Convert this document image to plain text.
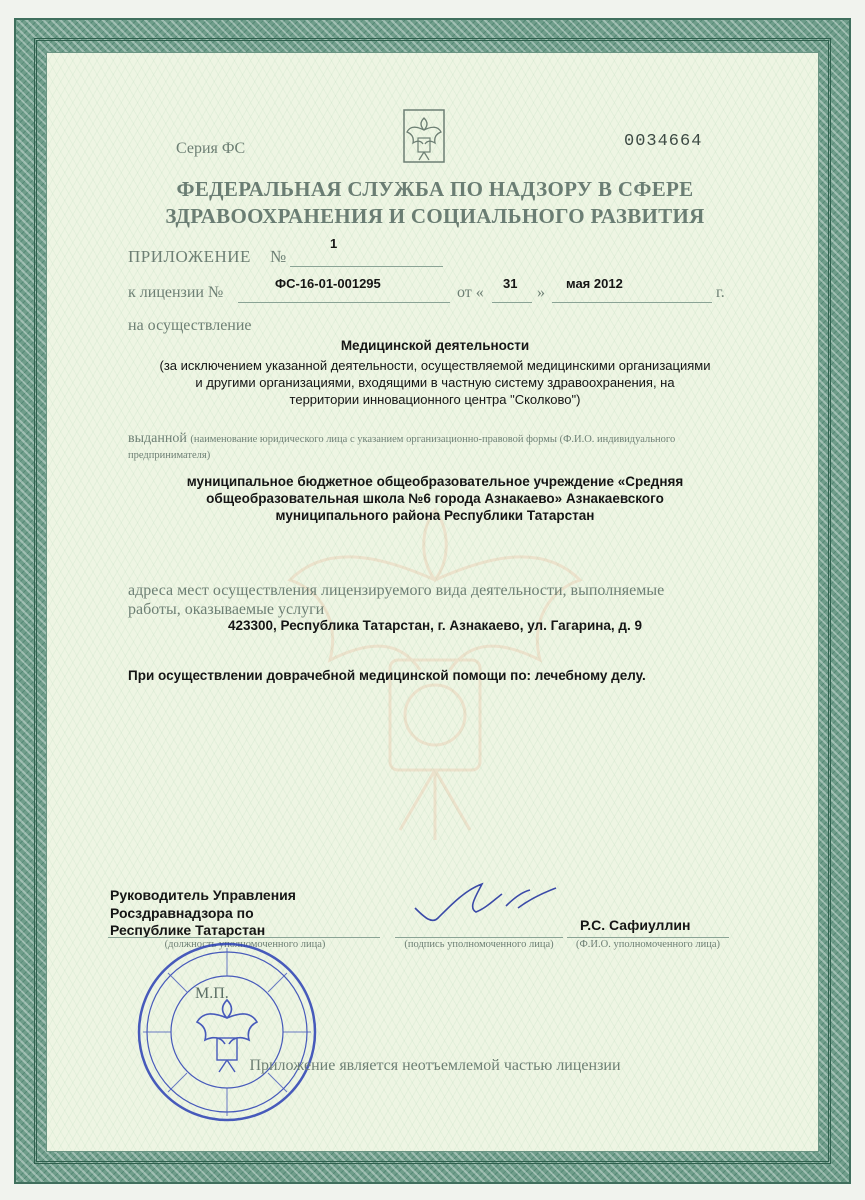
Серия ФС	0034664
ФЕДЕРАЛЬНАЯ СЛУЖБА ПО НАДЗОРУ В СФЕРЕ
ЗДРАВООХРАНЕНИЯ И СОЦИАЛЬНОГО РАЗВИТИЯ
ПРИЛОЖЕНИЕ №
1
к лицензии №
ФС-16-01-001295
от «
31
»
мая 2012
г.
на осуществление
Медицинской деятельности
(за исключением указанной деятельности, осуществляемой медицинскими организациями
и другими организациями, входящими в частную систему здравоохранения, на
территории инновационного центра "Сколково")
выданной (наименование юридического лица с указанием организационно-правовой формы (Ф.И.О. индивидуального
предпринимателя)
муниципальное бюджетное общеобразовательное учреждение «Средняя
общеобразовательная школа №6 города Азнакаево» Азнакаевского
муниципального района Республики Татарстан
адреса мест осуществления лицензируемого вида деятельности, выполняемые
работы, оказываемые услуги
423300, Республика Татарстан, г. Азнакаево, ул. Гагарина, д. 9
При осуществлении доврачебной медицинской помощи по: лечебному делу.
Руководитель Управления
Росздравнадзора по
Республике Татарстан
(должность уполномоченного лица)	(подпись уполномоченного лица)
Р.С. Сафиуллин
(Ф.И.О. уполномоченного лица)
М.П.
Приложение является неотъемлемой частью лицензии
